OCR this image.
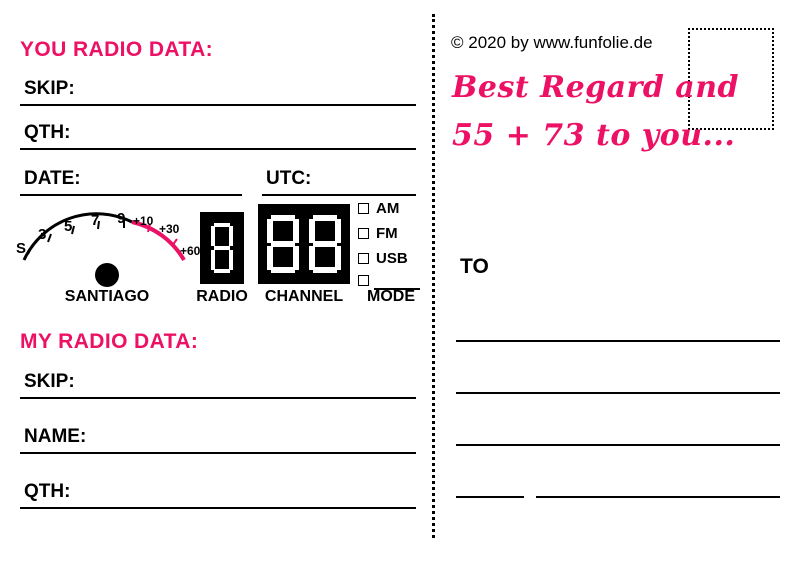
YOU RADIO DATA:
SKIP:
QTH:
DATE:	UTC:
S
3 5 7 9 +10
+30
+60
SANTIAGO	RADIO	CHANNEL
AM
FM
USB
MODE
MY RADIO DATA:
SKIP:
NAME:
QTH:
© 2020 by www.funfolie.de
Best Regard and
55 + 73 to you...
TO
